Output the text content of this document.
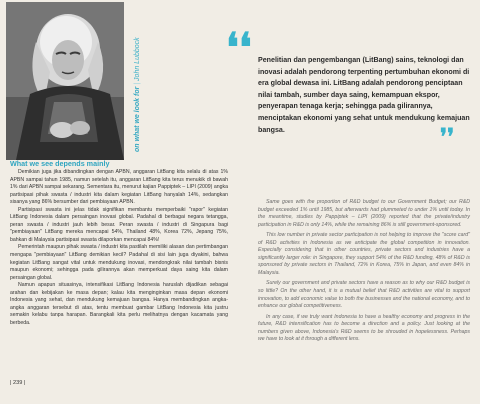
on what we look for | John Lubbock
What we see depends mainly
❛❛ Penelitian dan pengembangan (LitBang) sains, teknologi dan inovasi adalah pendorong terpenting pertumbuhan ekonomi di era global dewasa ini. LitBang adalah pendorong penciptaan nilai tambah, sumber daya saing, kemampuan ekspor, penyerapan tenaga kerja; sehingga pada gilirannya, menciptakan ekonomi yang sehat untuk mendukung kemajuan bangsa.	❜❜

Demikian juga jika dibandingkan dengan APBN, anggaran LitBang kita selalu di atas 1% APBN sampai tahun 1985, namun setelah itu, anggaran LitBang kita terus menukik di bawah 1% dari APBN sampai sekarang. Sementara itu, menurut kajian Pappiptek – LIPI (2009) angka partisipasi pihak swasta / industri kita dalam kegiatan LitBang hanyalah 14%, sedangkan sisanya yang 86% bersumber dari pembiayaan APBN.

Partisipasi swasta ini jelas tidak signifikan membantu memperbaiki "rapor" kegiatan LitBang Indonesia dalam persaingan inovasi global. Padahal di berbagai negara tetangga, peran swasta / industri jauh lebih besar. Peran swasta / industri di Singapura bagi "pembiayaan" LitBang mereka mencapai 54%, Thailand 48%, Korea 72%, Jepang 75%, bahkan di Malaysia partisipasi swasta dilaporkan mencapai 84%!

Pemerintah maupun pihak swasta / industri kita pastilah memiliki alasan dan pertimbangan mengapa "pembiayaan" LitBang demikian kecil? Padahal di sisi lain juga diyakini, bahwa kegiatan LitBang sangat vital untuk mendukung inovasi, mendongkrak nilai tambah bisnis maupun ekonomi; sehingga pada gilirannya akan memperkuat daya saing kita dalam persaingan global.

Namun apapun situasinya, intensifikasi LitBang Indonesia haruslah dijadikan sebagai arahan dan kebijakan ke masa depan; kalau kita menginginkan masa depan ekonomi Indonesia yang sehat, dan mendukung kemajuan bangsa. Hanya membandingkan angka-angka anggaran tersebut di atas, tentu membuat gambar LitBang Indonesia kita justru semakin kelabu tanpa harapan. Barangkali kita perlu melihatnya dengan kacamata yang berbeda.

Same goes with the proportion of R&D budget to our Government Budget; our R&D budget exceeded 1% until 1985, but afterwards had plummeted to under 1% until today. In the meantime, studies by Pappiptek – LIPI (2009) reported that the private/industry participation in R&D is only 14%, while the remaining 86% is still government-sponsored.

This low number in private sector participation is not helping to improve the "score card" of R&D activities in Indonesia as we anticipate the global competition in innovation. Especially considering that in other countries, private sectors and industries have a significantly larger role: in Singapore, they support 54% of the R&D funding, 48% of R&D is sponsored by private sectors in Thailand, 72% in Korea, 75% in Japan, and even 84% in Malaysia.

Surely our government and private sectors have a reason as to why our R&D budget is so little? On the other hand, it is a mutual belief that R&D activities are vital to support innovation, to add economic value to both the businesses and the national economy, and to enhance our global competitiveness.

In any case, if we truly want Indonesia to have a healthy economy and progress in the future, R&D intensification has to become a direction and a policy. Just looking at the numbers given above, Indonesia's R&D seems to be shrouded in hopelessness. Perhaps we have to look at it through a different lens.

| 239 |
